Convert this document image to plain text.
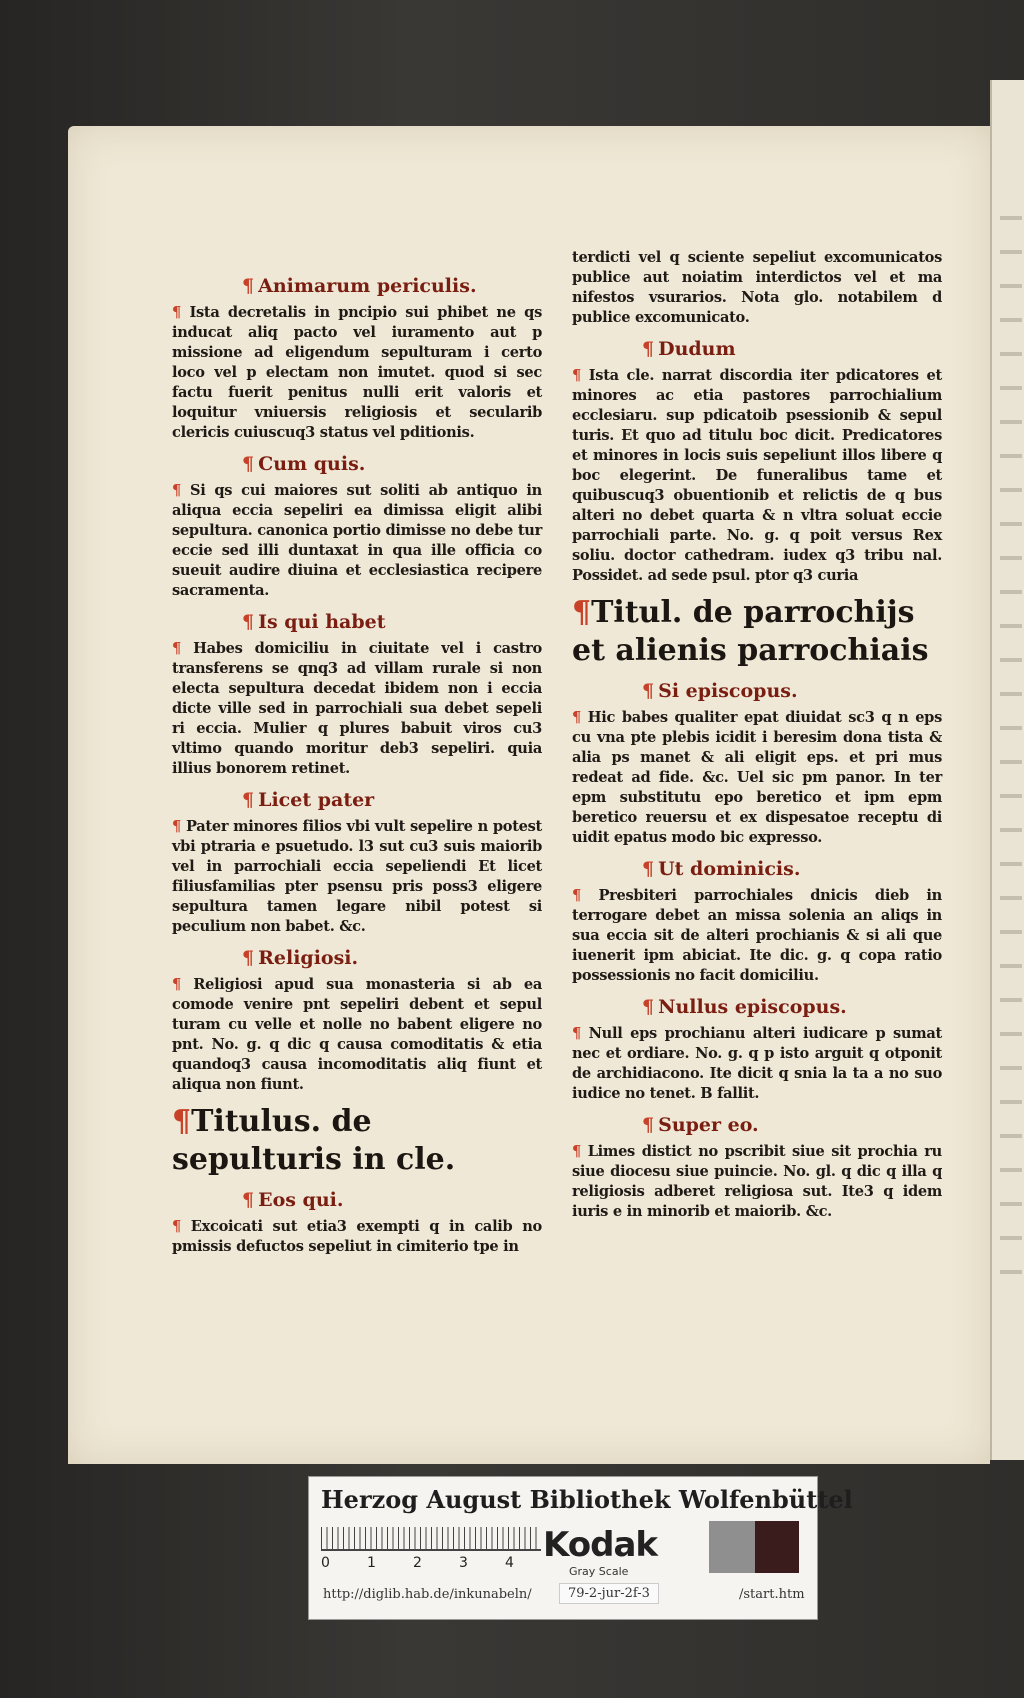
¶ Animarum periculis.

¶ Ista decretalis in pncipio sui phibet ne qs inducat aliq pacto vel iuramento aut p missione ad eligendum sepulturam i certo loco vel p electam non imutet. quod si sec factu fuerit penitus nulli erit valoris et loquitur vniuersis religiosis et secularib clericis cuiuscuq3 status vel pditionis.

¶ Cum quis.

¶ Si qs cui maiores sut soliti ab antiquo in aliqua eccia sepeliri ea dimissa eligit alibi sepultura. canonica portio dimisse no debe tur eccie sed illi duntaxat in qua ille officia co sueuit audire diuina et ecclesiastica recipere sacramenta.

¶ Is qui habet

¶ Habes domiciliu in ciuitate vel i castro transferens se qnq3 ad villam rurale si non electa sepultura decedat ibidem non i eccia dicte ville sed in parrochiali sua debet sepeli ri eccia. Mulier q plures babuit viros cu3 vltimo quando moritur deb3 sepeliri. quia illius bonorem retinet.

¶ Licet pater

¶ Pater minores filios vbi vult sepelire n potest vbi ptraria e psuetudo. l3 sut cu3 suis maiorib vel in parrochiali eccia sepeliendi Et licet filiusfamilias pter psensu pris poss3 eligere sepultura tamen legare nibil potest si peculium non babet. &c.

¶ Religiosi.

¶ Religiosi apud sua monasteria si ab ea comode venire pnt sepeliri debent et sepul turam cu velle et nolle no babent eligere no pnt. No. g. q dic q causa comoditatis & etia quandoq3 causa incomoditatis aliq fiunt et aliqua non fiunt.

¶Titulus. de sepulturis in cle.
¶ Eos qui.

¶ Excoicati sut etia3 exempti q in calib no pmissis defuctos sepeliut in cimiterio tpe in

terdicti vel q sciente sepeliut excomunicatos publice aut noiatim interdictos vel et ma nifestos vsurarios. Nota glo. notabilem d publice excomunicato.

¶ Dudum

¶ Ista cle. narrat discordia iter pdicatores et minores ac etia pastores parrochialium ecclesiaru. sup pdicatoib psessionib & sepul turis. Et quo ad titulu boc dicit. Predicatores et minores in locis suis sepeliunt illos libere q boc elegerint. De funeralibus tame et quibuscuq3 obuentionib et relictis de q bus alteri no debet quarta & n vltra soluat eccie parrochiali parte. No. g. q poit versus Rex soliu. doctor cathedram. iudex q3 tribu nal. Possidet. ad sede psul. ptor q3 curia

¶Titul. de parrochijs et alienis parrochiais
¶ Si episcopus.

¶ Hic babes qualiter epat diuidat sc3 q n eps cu vna pte plebis icidit i beresim dona tista & alia ps manet & ali eligit eps. et pri mus redeat ad fide. &c. Uel sic pm panor. In ter epm substitutu epo beretico et ipm epm beretico reuersu et ex dispesatoe receptu di uidit epatus modo bic expresso.

¶ Ut dominicis.

¶ Presbiteri parrochiales dnicis dieb in terrogare debet an missa solenia an aliqs in sua eccia sit de alteri prochianis & si ali que iuenerit ipm abiciat. Ite dic. g. q copa ratio possessionis no facit domiciliu.

¶ Nullus episcopus.

¶ Null eps prochianu alteri iudicare p sumat nec et ordiare. No. g. q p isto arguit q otponit de archidiacono. Ite dicit q snia la ta a no suo iudice no tenet. B fallit.

¶ Super eo.

¶ Limes distict no pscribit siue sit prochia ru siue diocesu siue puincie. No. gl. q dic q illa q religiosis adberet religiosa sut. Ite3 q idem iuris e in minorib et maiorib. &c.

Herzog August Bibliothek Wolfenbüttel
0	1	2	3	4 Kodak
Gray Scale
http://diglib.hab.de/inkunabeln/	79-2-jur-2f-3	/start.htm
